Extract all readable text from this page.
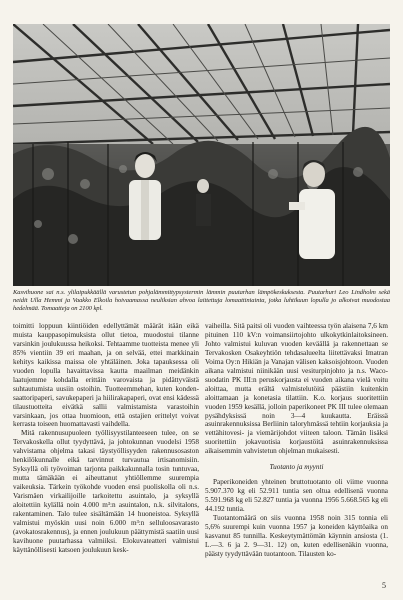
Kasvihuone sai n.s. ylilaipukkäällä varustetun pohjalämmittypsystermin lämmin puutarhan lämpökeskuksesta. Puutarhuri Leo Lindholm sekä neidit Ulla Hemmi ja Vaakko Elkoila hoivaamassa neuliksian ahvoa laittettuja lomaattiniainta, jotka luhtikuun lopulla jo alkoivat muodostaa hedelmää. Tomaatteja on 2100 kpl.

toimitti loppuun kiintiöiden edellyttämät määrät itään eikä muista kauppasopimuksista ollut tietoa, muodostui tilanne varsinkin joulukuussa heikoksi. Tehtaamme tuotteista menee yli 85% vientiin 39 eri maahan, ja on selvää, ettei markkinain kehitys kaikissa maissa ole yhtäläinen. Joka tapauksessa oli vuoden lopulla havaittavissa kautta maailman meidänkin laatujemme kohdalla erittäin varovaista ja pidättyväistä suhtautumista uusiin ostoihin. Tuotteemmehan, kuten kondensaattoripaperi, savukepaperi ja hiilirakapaperi, ovat ensi kädessä tilaustuotteita eivätkä sallii valmistamista varastoihin varsinkaan, jos ottaa huomioon, että ostajien erittelyt voivat kerrasta toiseen huomattavasti vaihdella.

Mitä rakennusupuoleen työllisyystilanteeseen tulee, on se Tervakoskella ollut tyydyttävä, ja johtokunnan vuodelsi 1958 vahvistama ohjelma takasi täystyöllisyyden rakennusosaston henkilökunnalle eikä tarvinnut turvautua irtisanomisiin. Syksyllä oli työvoiman tarjonta paikkakunnalla tosin tuntuvaa, mutta tämäkään ei aiheuttanut yhtiöllemme suurempia vaikeuksia. Tärkein työkohde vuoden ensi puoliskolla oli n.s. Varismäen virkailijoille tarkoitettu asuintalo, ja syksyllä aloitettiin kylällä noin 4.000 m³:n asuintalon, n.k. silvitalons, rakentaminen. Talo tulee sisältämään 14 huoneistoa. Syksyllä valmistui myöskin uusi noin 6.000 m³:n selluloosavarasto (avokatosrakennus), ja ennen joulukuun päättymistä saatiin uusi kavihuone puutarhassa valmiiksi. Elokuvateatteri valmistui käyttänöllisesti katsoen joulukuun kesk-

vaiheilla. Sitä paitsi oli vuoden vaihteessa työn alaisena 7,6 km pituinen 110 kV:n voimansiirtojohto ulkokytkinlaitoksineen. Johto valmistui kuluvan vuoden keväällä ja rakennettaan se Tervakosken Osakeyhtiön tehdasalueelta liitettävaksi Imatran Voima Oy:n Hikiän ja Vanajan välisen kaksoisjohtoon. Vuoden aikana valmistui niinikään uusi vesiturpinjohto ja n.s. Waco-suodatin PK III:n peruskorjausta ei vuoden aikana vielä voitu aloittaa, mutta erältä valmistelutöitä päästiin kuitenkin aloittamaan ja konetasia tilattiin. K.o. korjaus suoritettiin vuoden 1959 kesällä, jolloin paperikoneet PK III tulee olemaan pysähdyksissä noin 3—4 kuukautta. Eräissä asuinrakennuksissa Berliinin taloryhmässä tehtiin korjauksia ja vettähitovesi- ja viemärijohdot viiteen taloon. Tämän lisäksi suoritettiin jokavuotisia korjaustöitä asuinrakennuksissa aikaisemmin vahvistetun ohjelman mukaisesti.

Tuotanto ja myynti

Paperikoneiden yhteinen bruttotuotanto oli viime vuonna 5.907.370 kg eli 52.911 tuntia sen oltua edellisenä vuonna 5.591.968 kg eli 52.827 tuntia ja vuonna 1956 5.668.565 kg eli 44.192 tuntia.

Tuotantomäärä on siis vuonna 1958 noin 315 tonnia eli 5,6% suurempi kuin vuonna 1957 ja koneiden käyttöaika on kasvanut 85 tunnilla. Keskeytymättömän käynnin ansiosta (1. L.—3. 6 ja 2. 9—31. 12) on, kuten edellisenäkin vuonna, päästy tyydyttävään tuotantoon. Tilausten ko-

5
